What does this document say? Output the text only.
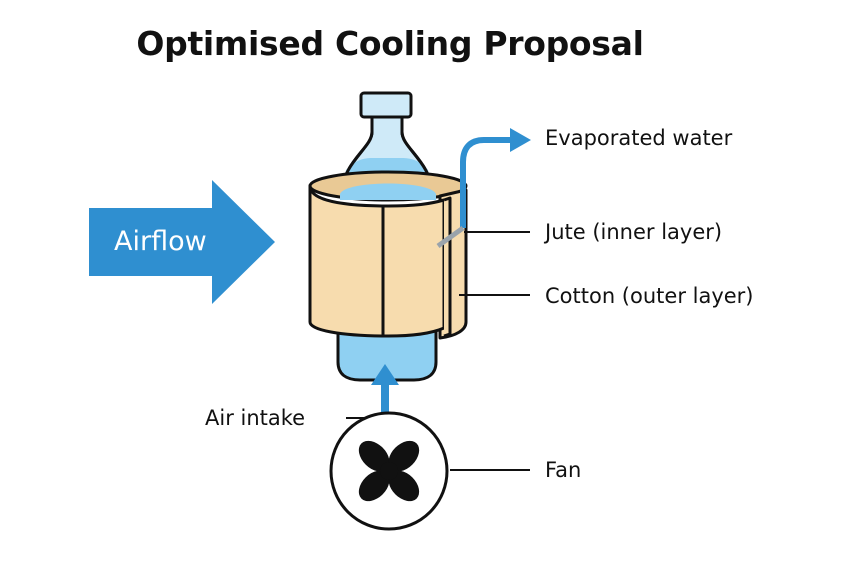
Optimised Cooling Proposal
Airflow
Evaporated water
Jute (inner layer)
Cotton (outer layer)
Air intake
Fan
